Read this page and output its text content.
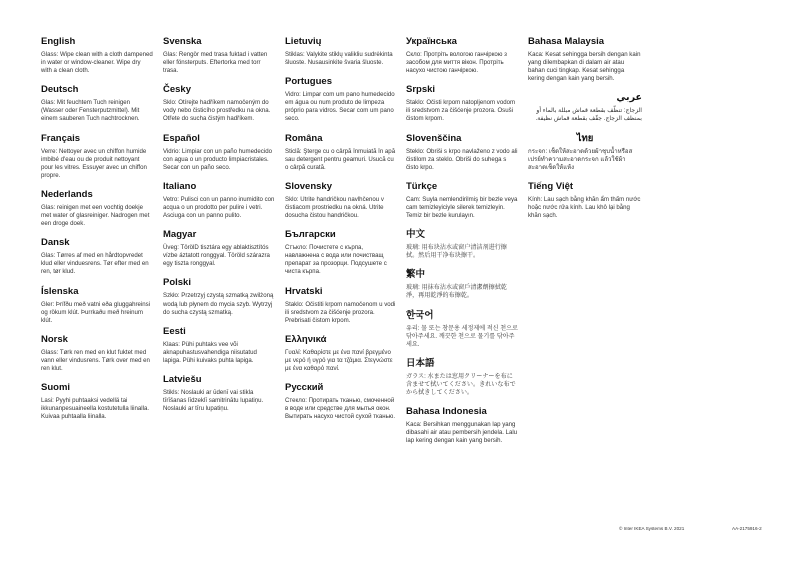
English

Glass: Wipe clean with a cloth dampened in water or window-cleaner. Wipe dry with a clean cloth.

Deutsch

Glas: Mit feuchtem Tuch reinigen (Wasser oder Fensterputzmittel). Mit einem sauberen Tuch nachtrocknen.

Français

Verre: Nettoyer avec un chiffon humide imbibé d'eau ou de produit nettoyant pour les vitres. Essuyer avec un chiffon propre.

Nederlands

Glas: reinigen met een vochtig doekje met water of glasreiniger. Nadrogen met een droge doek.

Dansk

Glas: Tørres af med en hårdtopvredet klud eller vinduesrens. Tør efter med en ren, tør klud.

Íslenska

Gler: Þrífðu með vatni eða gluggahreinsi og rökum klút. Þurrkaðu með hreinum klút.

Norsk

Glass: Tørk ren med en klut fuktet med vann eller vindusrens. Tørk over med en ren klut.

Suomi

Lasi: Pyyhi puhtaaksi vedellä tai ikkunanpesuaineella kostutetulla liinalla. Kuivaa puhtaalla liinalla.

Svenska

Glas: Rengör med trasa fuktad i vatten eller fönsterputs. Eftertorka med torr trasa.

Česky

Sklo: Otírejte hadříkem namočeným do vody nebo čisticího prostředku na okna. Otřete do sucha čistým hadříkem.

Español

Vidrio: Limpiar con un paño humedecido con agua o un producto limpiacristales. Secar con un paño seco.

Italiano

Vetro: Pulisci con un panno inumidito con acqua o un prodotto per pulire i vetri. Asciuga con un panno pulito.

Magyar

Üveg: TörölD tisztára egy ablaktisztítós vízbe áztatott ronggyal. Töröld szárazra egy tiszta ronggyal.

Polski

Szkło: Przetrzyj czystą szmatką zwilżoną wodą lub płynem do mycia szyb. Wytrzyj do sucha czystą szmatką.

Eesti

Klaas: Pühi puhtaks vee või aknapuhastusvahendiga niisutatud lapiga. Pühi kuivaks puhta lapiga.

Latviešu

Stikls: Noslauki ar ūdenī vai stikla tīrīšanas līdzeklī samitrinātu lupatiņu. Noslauki ar tīru lupatiņu.

Lietuvių

Stiklas: Valykite stiklų valikliu sudrėkinta šluoste. Nusausinkite švaria šluoste.

Portugues

Vidro: Limpar com um pano humedecido em água ou num produto de limpeza próprio para vidros. Secar com um pano seco.

Româna

Sticlă: Şterge cu o cârpă înmuiată în apă sau detergent pentru geamuri. Usucă cu o cârpă curată.

Slovensky

Sklo: Utrite handričkou navlhčenou v čistiacom prostriedku na okná. Utrite dosucha čistou handričkou.

Български

Стъкло: Почистете с кърпа, навлажнена с вода или почистващ препарат за прозорци. Подсушете с чиста кърпа.

Hrvatski

Staklo: Očistiti krpom namočenom u vodi ili sredstvom za čišćenje prozora. Prebrisati čistom krpom.

Ελληνικά

Γυαλί: Καθαρίστε με ένα πανί βρεγμένο με νερό ή υγρό για τα τζάμια. Στεγνώστε με ένα καθαρό πανί.

Русский

Стекло: Протирать тканью, смоченной в воде или средстве для мытья окон. Вытирать насухо чистой сухой тканью.

Українська

Скло: Протріть вологою ганчіркою з засобом для миття вікон. Протріть насухо чистою ганчіркою.

Srpski

Staklo: Očisti krpom natopljenom vodom ili sredstvom za čišćenje prozora. Osuši čistom krpom.

Slovenščina

Steklo: Obriši s krpo navlaženo z vodo ali čistilom za steklo. Obriši do suhega s čisto krpo.

Türkçe

Cam: Suyla nemlendirilmiş bir bezle veya cam temizleyiciyle silerek temizleyin. Temiz bir bezle kurulayın.

中文

玻璃: 用布块沾水或窗户清洁剂进行擦拭。然后用干净布块擦干。

繁中

玻璃: 用抹布沾水或窗戶清潔劑擦拭乾淨，再用乾淨的布擦乾。

한국어

유리: 물 또는 창문용 세정제에 적신 천으로 닦아주세요. 깨끗한 천으로 물기를 닦아주세요.

日本語

ガラス: 水または窓用クリーナーを布に含ませて拭いてください。きれいな布で から拭きしてください。

Bahasa Indonesia

Kaca: Bersihkan menggunakan lap yang dibasahi air atau pembersih jendela. Lalu lap kering dengan kain yang bersih.

Bahasa Malaysia

Kaca: Kesat sehingga bersih dengan kain yang dilembapkan di dalam air atau bahan cuci tingkap. Kesat sehingga kering dengan kain yang bersih.

عربي

الزجاج: تنظّف بقطعة قماش مبللة بالماء أو بمنظف الزجاج. جفّف بقطعة قماش نظيفة.

ไทย

กระจก: เช็ดให้สะอาดด้วยผ้าชุบน้ำหรือสเปรย์ทำความสะอาดกระจก แล้วใช้ผ้าสะอาดเช็ดให้แห้ง

Tiếng Việt

Kính: Lau sạch bằng khăn ẩm thấm nước hoặc nước rửa kính. Lau khô lại bằng khăn sạch.

© Inter IKEA Systems B.V. 2021	AA-2175916-2
